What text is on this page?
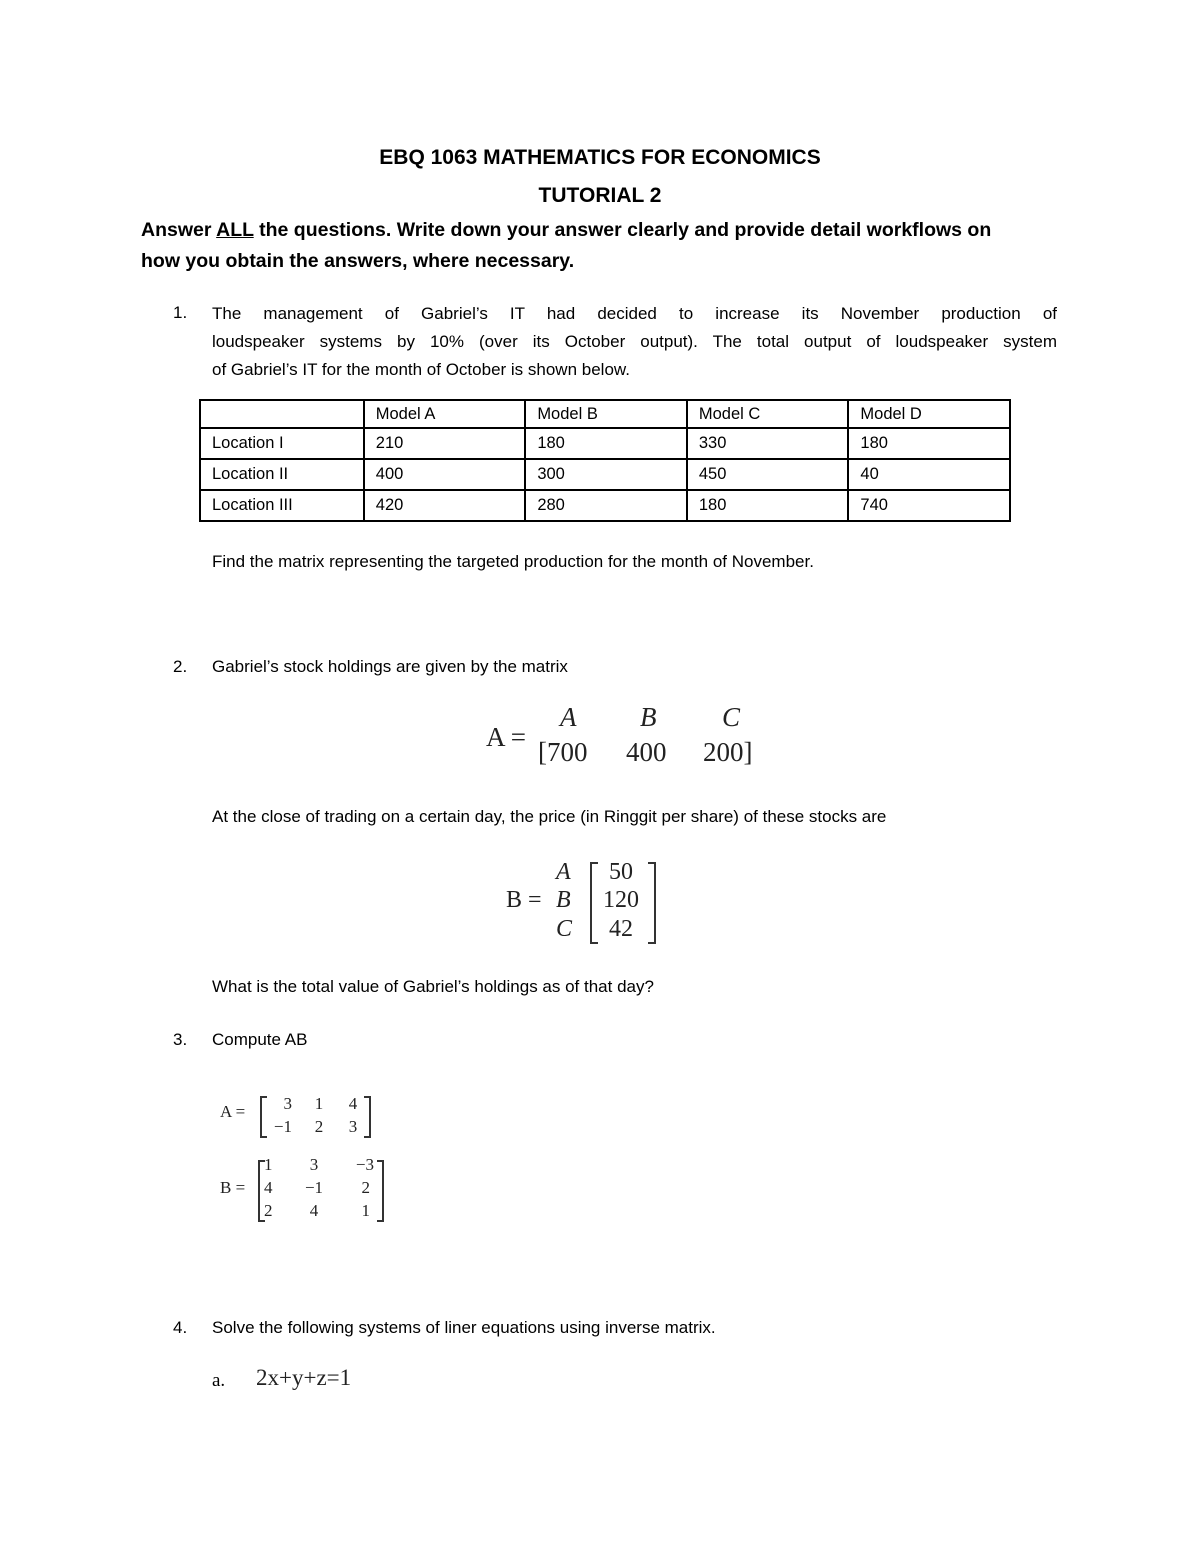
EBQ 1063 MATHEMATICS FOR ECONOMICS
TUTORIAL 2
Answer ALL the questions. Write down your answer clearly and provide detail workflows on
how you obtain the answers, where necessary.
1. The management of Gabriel’s IT had decided to increase its November production of
loudspeaker systems by 10% (over its October output). The total output of loudspeaker system
of Gabriel’s IT for the month of October is shown below.
	Model A	Model B	Model C	Model D
Location I	210	180	330	180
Location II	400	300	450	40
Location III	420	280	180	740
Find the matrix representing the targeted production for the month of November.
2. Gabriel’s stock holdings are given by the matrix
A =
A B C
[700 400 200]
At the close of trading on a certain day, the price (in Ringgit per share) of these stocks are
B =
A
B
C
50
120
42
What is the total value of Gabriel’s holdings as of that day?
3. Compute AB
A =	3	1	4
−1	2	3
B =
1	3	−3
4	−1	2
2	4	1
4. Solve the following systems of liner equations using inverse matrix.
a. 2x+y+z=1
